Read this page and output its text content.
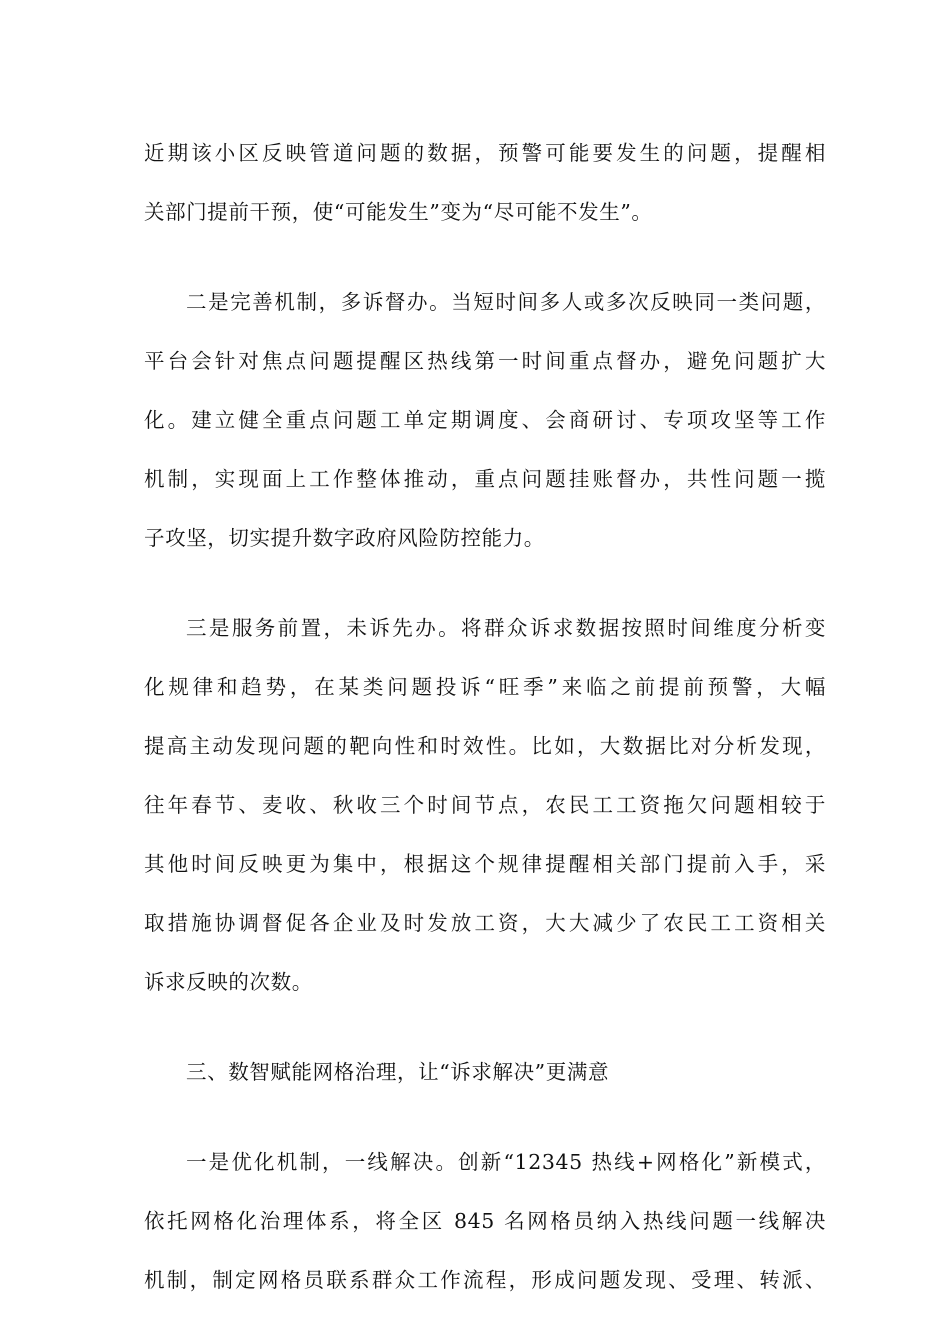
近期该小区反映管道问题的数据，预警可能要发生的问题，提醒相
关部门提前干预，使“可能发生”变为“尽可能不发生”。
二是完善机制，多诉督办。当短时间多人或多次反映同一类问题，
平台会针对焦点问题提醒区热线第一时间重点督办，避免问题扩大
化。建立健全重点问题工单定期调度、会商研讨、专项攻坚等工作
机制，实现面上工作整体推动，重点问题挂账督办，共性问题一揽
子攻坚，切实提升数字政府风险防控能力。
三是服务前置，未诉先办。将群众诉求数据按照时间维度分析变
化规律和趋势，在某类问题投诉“旺季”来临之前提前预警，大幅
提高主动发现问题的靶向性和时效性。比如，大数据比对分析发现，
往年春节、麦收、秋收三个时间节点，农民工工资拖欠问题相较于
其他时间反映更为集中，根据这个规律提醒相关部门提前入手，采
取措施协调督促各企业及时发放工资，大大减少了农民工工资相关
诉求反映的次数。
三、数智赋能网格治理，让“诉求解决”更满意
一是优化机制，一线解决。创新“12345 热线+网格化”新模式，
依托网格化治理体系，将全区 845 名网格员纳入热线问题一线解决
机制，制定网格员联系群众工作流程，形成问题发现、受理、转派、
